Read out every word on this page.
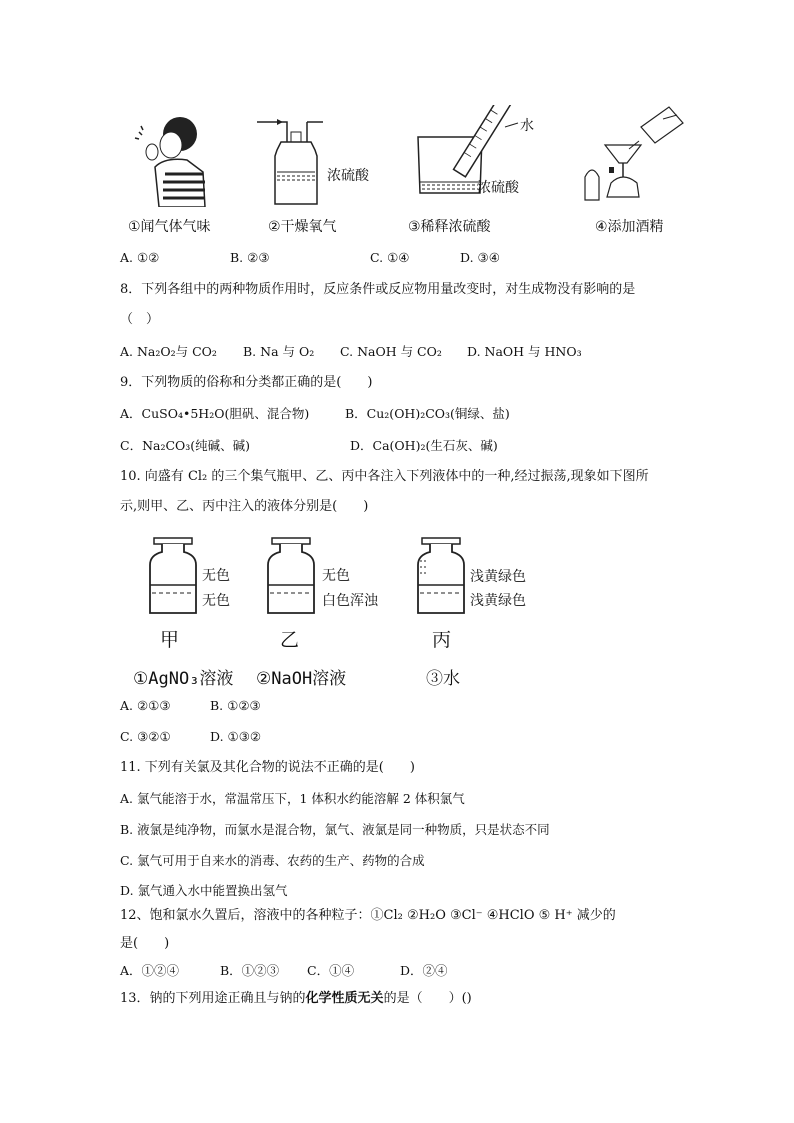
①闻气体气味
浓硫酸
②干燥氧气
水
浓硫酸
③稀释浓硫酸	④添加酒精
A. ①②	B. ②③	C. ①④	D. ③④
8．下列各组中的两种物质作用时，反应条件或反应物用量改变时，对生成物没有影响的是
（　）
A. Na₂O₂与 CO₂ B. Na 与 O₂ C. NaOH 与 CO₂ D. NaOH 与 HNO₃
9．下列物质的俗称和分类都正确的是(　　)
A．CuSO₄•5H₂O(胆矾、混合物)	B．Cu₂(OH)₂CO₃(铜绿、盐)
C．Na₂CO₃(纯碱、碱)	D．Ca(OH)₂(生石灰、碱)
10. 向盛有 Cl₂ 的三个集气瓶甲、乙、丙中各注入下列液体中的一种,经过振荡,现象如下图所
示,则甲、乙、丙中注入的液体分别是(　　)
无色
无色
甲
无色
白色浑浊
乙
浅黄绿色
浅黄绿色
丙
①AgNO₃溶液 ②NaOH溶液	③水
A. ②①③	B. ①②③
C. ③②①	D. ①③②
11. 下列有关氯及其化合物的说法不正确的是(　　)
A. 氯气能溶于水，常温常压下，1 体积水约能溶解 2 体积氯气
B. 液氯是纯净物，而氯水是混合物，氯气、液氯是同一种物质，只是状态不同
C. 氯气可用于自来水的消毒、农药的生产、药物的合成
D. 氯气通入水中能置换出氢气
12、饱和氯水久置后，溶液中的各种粒子：①Cl₂ ②H₂O ③Cl⁻ ④HClO ⑤ H⁺ 减少的
是(　　)
A．①②④	B．①②③ C．①④	D．②④
13．钠的下列用途正确且与钠的化学性质无关的是（　　）()
